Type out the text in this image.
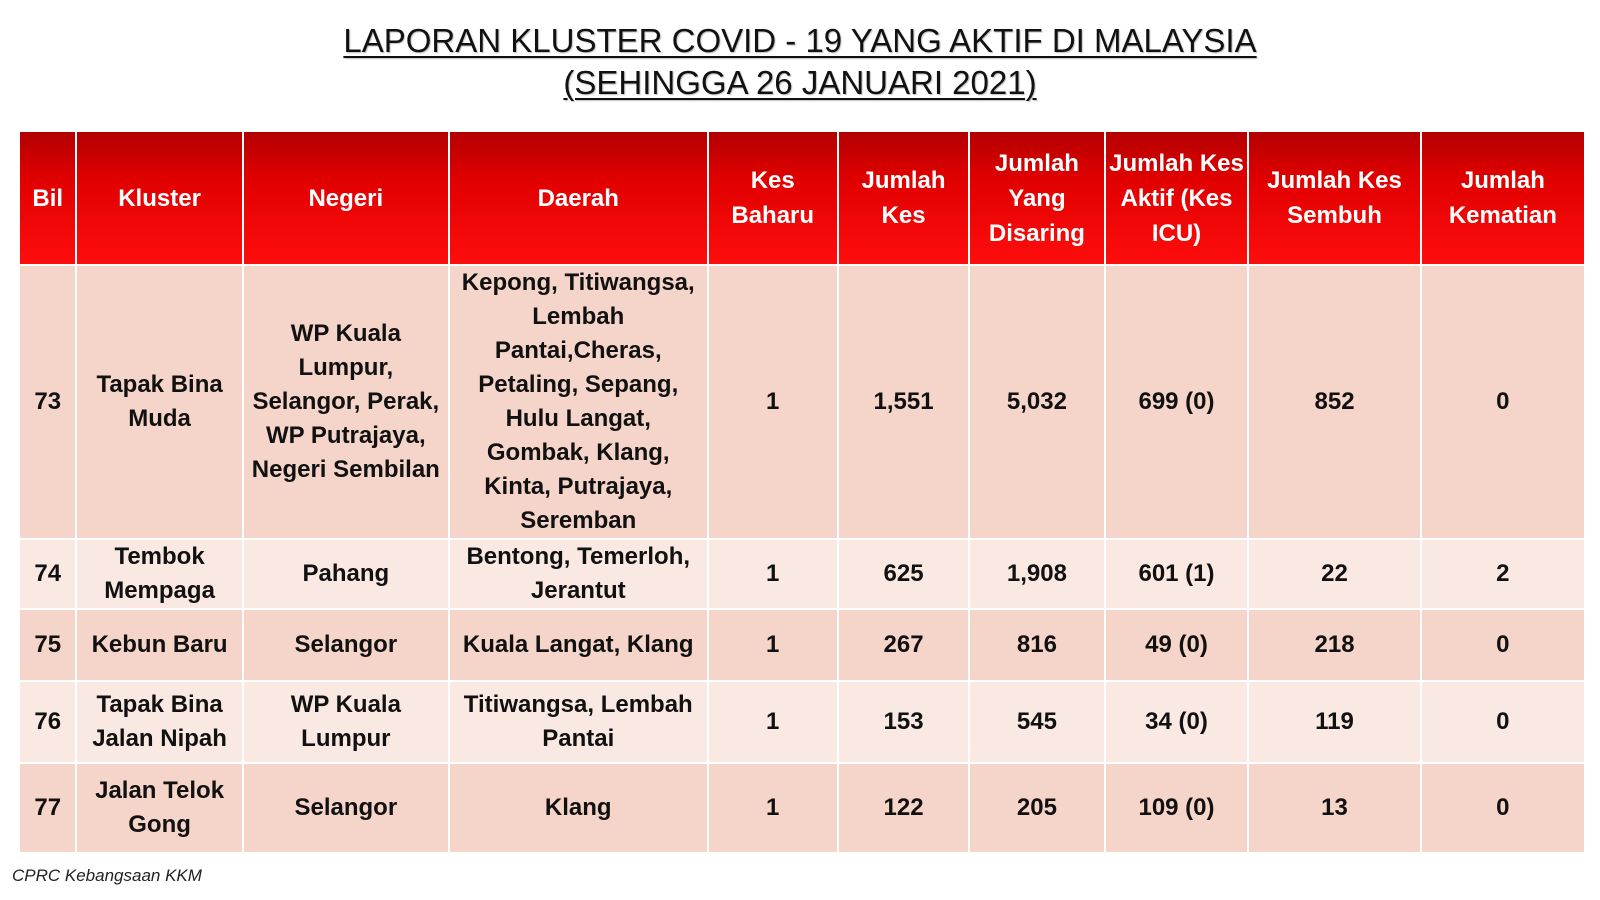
LAPORAN KLUSTER COVID - 19 YANG AKTIF DI MALAYSIA
(SEHINGGA 26 JANUARI 2021)
Bil	Kluster	Negeri	Daerah	Kes Baharu	Jumlah Kes	Jumlah Yang Disaring	Jumlah Kes Aktif (Kes ICU)	Jumlah Kes Sembuh	Jumlah Kematian
73	Tapak Bina Muda	WP Kuala Lumpur, Selangor, Perak, WP Putrajaya, Negeri Sembilan	Kepong, Titiwangsa, Lembah Pantai,Cheras, Petaling, Sepang, Hulu Langat, Gombak, Klang, Kinta, Putrajaya, Seremban	1	1,551	5,032	699 (0)	852	0
74	Tembok Mempaga	Pahang	Bentong, Temerloh, Jerantut	1	625	1,908	601 (1)	22	2
75	Kebun Baru	Selangor	Kuala Langat, Klang	1	267	816	49 (0)	218	0
76	Tapak Bina Jalan Nipah	WP Kuala Lumpur	Titiwangsa, Lembah Pantai	1	153	545	34 (0)	119	0
77	Jalan Telok Gong	Selangor	Klang	1	122	205	109 (0)	13	0
CPRC Kebangsaan KKM
